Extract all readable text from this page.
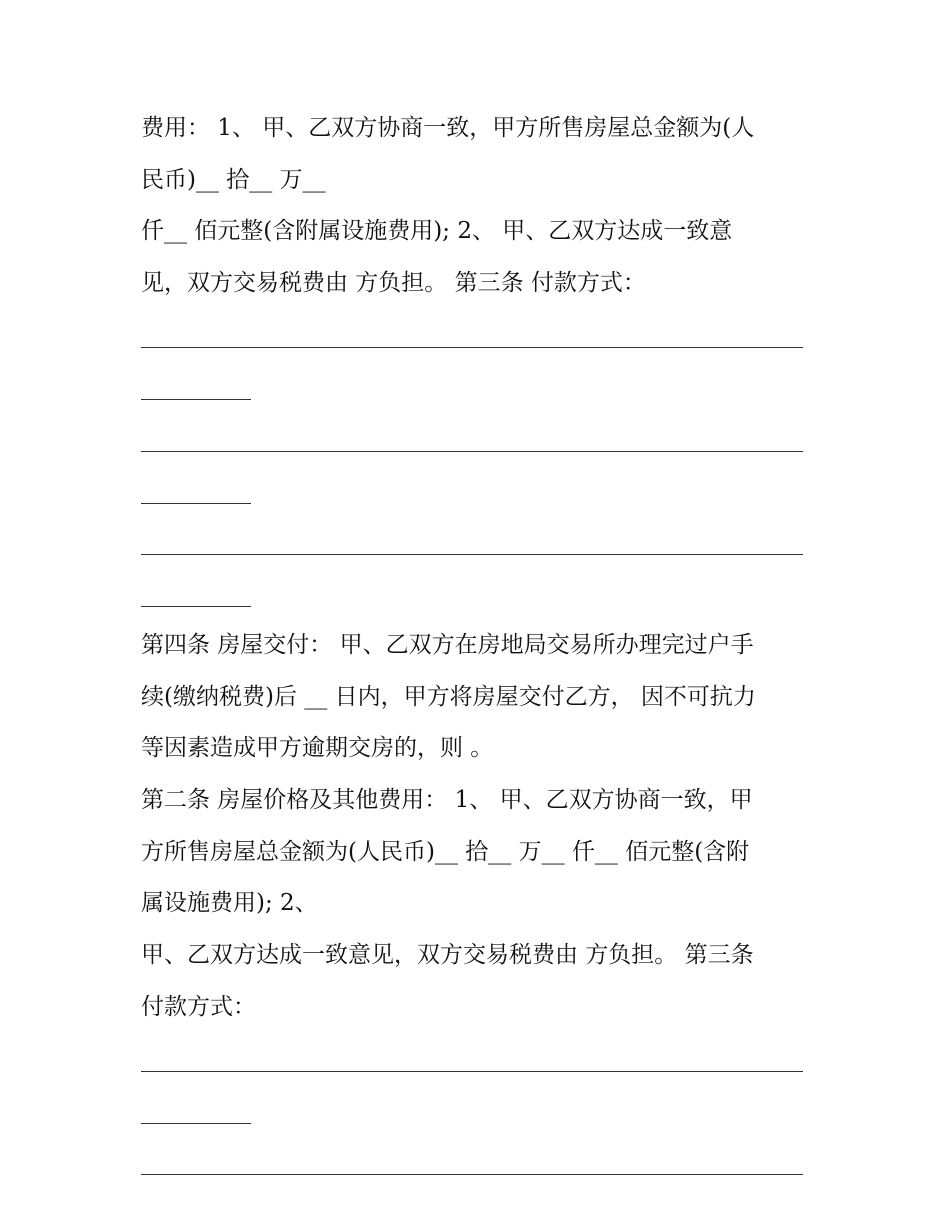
费用： 1、 甲、乙双方协商一致，甲方所售房屋总金额为(人
民币)__ 拾__ 万__
仟__ 佰元整(含附属设施费用); 2、 甲、乙双方达成一致意
见，双方交易税费由 方负担。 第三条 付款方式：
第四条 房屋交付： 甲、乙双方在房地局交易所办理完过户手
续(缴纳税费)后 __ 日内，甲方将房屋交付乙方， 因不可抗力
等因素造成甲方逾期交房的，则 。
第二条 房屋价格及其他费用： 1、 甲、乙双方协商一致，甲
方所售房屋总金额为(人民币)__ 拾__ 万__ 仟__ 佰元整(含附
属设施费用); 2、
甲、乙双方达成一致意见，双方交易税费由 方负担。 第三条
付款方式：
